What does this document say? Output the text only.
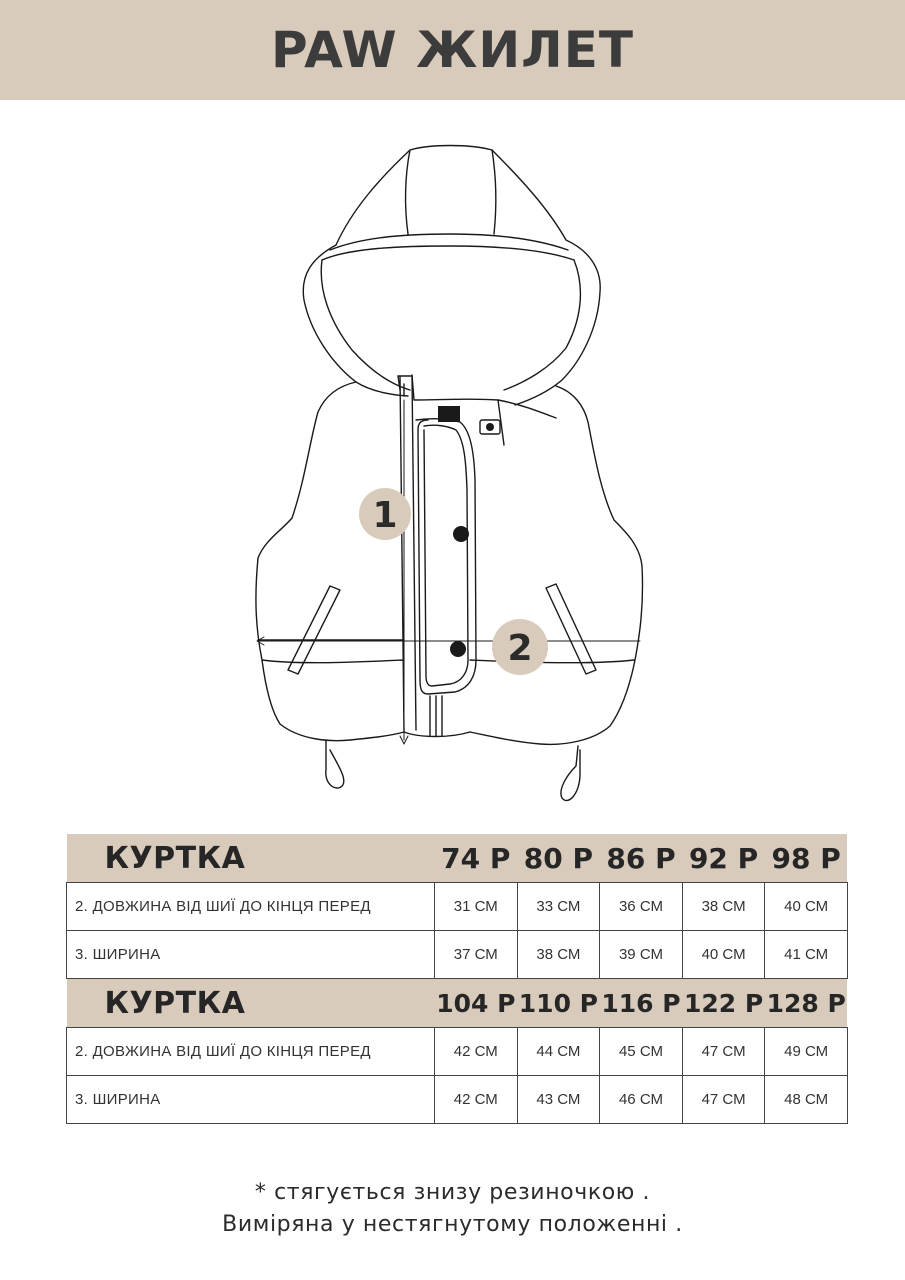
PAW ЖИЛЕТ
1
2
КУРТКА	74 Р	80 Р	86 Р	92 Р	98 Р
2. ДОВЖИНА ВІД ШИЇ ДО КІНЦЯ ПЕРЕД	31 СМ	33 СМ	36 СМ	38 СМ	40 СМ
3. ШИРИНА	37 СМ	38 СМ	39 СМ	40 СМ	41 СМ
КУРТКА	104 Р	110 Р	116 Р	122 Р	128 Р
2. ДОВЖИНА ВІД ШИЇ ДО КІНЦЯ ПЕРЕД	42 СМ	44 СМ	45 СМ	47 СМ	49 СМ
3. ШИРИНА	42 СМ	43 СМ	46 СМ	47 СМ	48 СМ
* стягується знизу резиночкою .
Виміряна у нестягнутому положенні .
